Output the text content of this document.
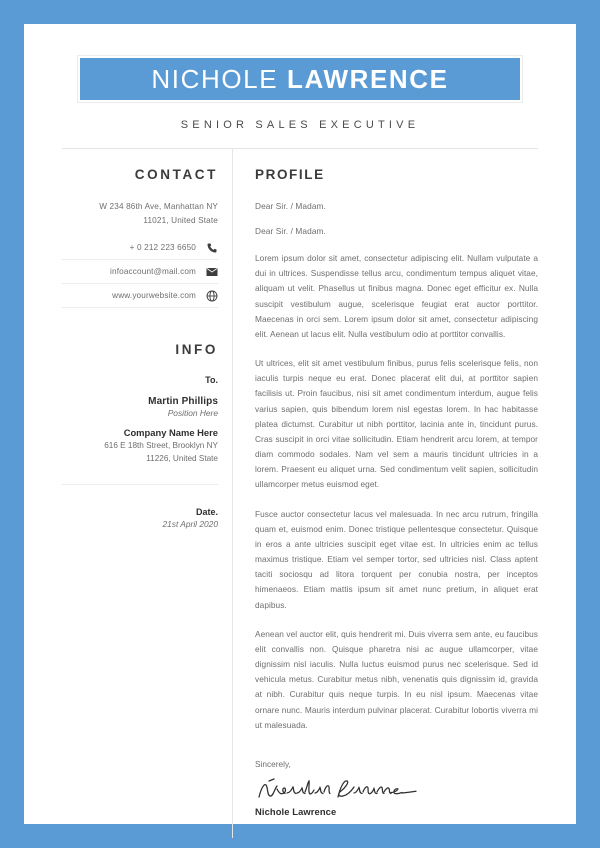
NICHOLE LAWRENCE
SENIOR SALES EXECUTIVE
CONTACT
W 234 86th Ave, Manhattan NY
11021, United State
+ 0 212 223 6650
infoaccount@mail.com
www.yourwebsite.com
INFO
To.
Martin Phillips
Position Here
Company Name Here
616 E 18th Street, Brooklyn NY
11226, United State
Date.
21st April 2020
PROFILE
Dear Sir. / Madam.
Dear Sir. / Madam.

Lorem ipsum dolor sit amet, consectetur adipiscing elit. Nullam vulputate a dui in ultrices. Suspendisse tellus arcu, condimentum tempus aliquet vitae, aliquam ut velit. Phasellus ut finibus magna. Donec eget efficitur ex. Nulla suscipit vestibulum augue, scelerisque feugiat erat auctor porttitor. Maecenas in orci sem. Lorem ipsum dolor sit amet, consectetur adipiscing elit. Aenean ut lacus elit. Nulla vestibulum odio at porttitor convallis.

Ut ultrices, elit sit amet vestibulum finibus, purus felis scelerisque felis, non iaculis turpis neque eu erat. Donec placerat elit dui, at porttitor sapien facilisis ut. Proin faucibus, nisi sit amet condimentum interdum, augue felis varius sapien, quis bibendum lorem nisl egestas lorem. In hac habitasse platea dictumst. Curabitur ut nibh porttitor, lacinia ante in, tincidunt purus. Cras suscipit in orci vitae sollicitudin. Etiam hendrerit arcu lorem, at tempor diam commodo sodales. Nam vel sem a mauris tincidunt ultricies in a lorem. Praesent eu aliquet urna. Sed condimentum velit sapien, sollicitudin ullamcorper metus euismod eget.

Fusce auctor consectetur lacus vel malesuada. In nec arcu rutrum, fringilla quam et, euismod enim. Donec tristique pellentesque consectetur. Quisque in eros a ante ultricies suscipit eget vitae est. In ultricies enim ac tellus maximus tristique. Etiam vel semper tortor, sed ultricies nisl. Class aptent taciti sociosqu ad litora torquent per conubia nostra, per inceptos himenaeos. Etiam mattis ipsum sit amet nunc pretium, in aliquet erat dapibus.

Aenean vel auctor elit, quis hendrerit mi. Duis viverra sem ante, eu faucibus elit convallis non. Quisque pharetra nisi ac augue ullamcorper, vitae dignissim nisl iaculis. Nulla luctus euismod purus nec scelerisque. Sed id vehicula metus. Curabitur metus nibh, venenatis quis dignissim id, gravida at nibh. Curabitur quis neque turpis. In eu nisl ipsum. Maecenas vitae ornare nunc. Mauris interdum pulvinar placerat. Curabitur lobortis viverra mi ut malesuada.

Sincerely,
Nichole Lawrence
